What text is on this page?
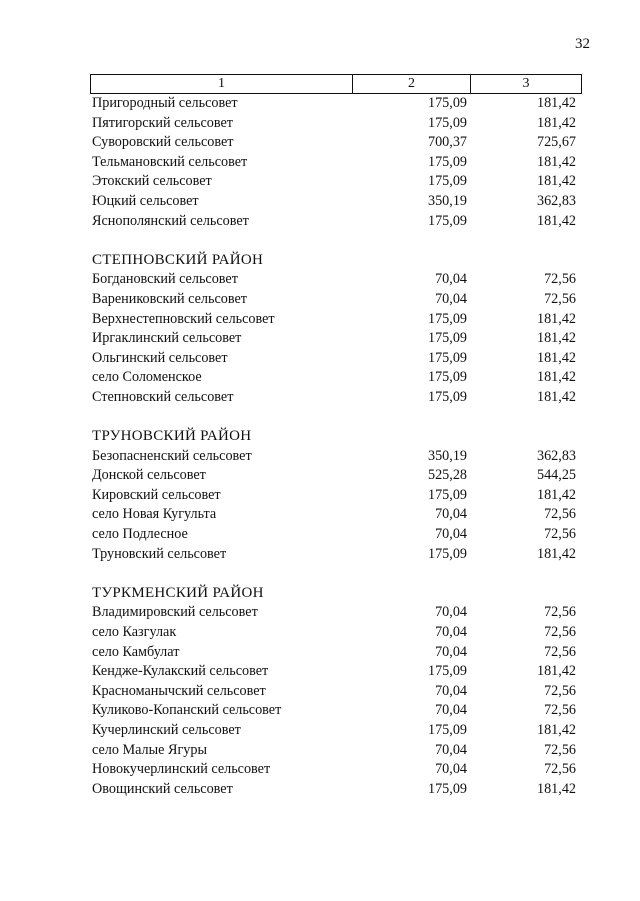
32
1	2	3
Пригородный сельсовет	175,09	181,42
Пятигорский сельсовет	175,09	181,42
Суворовский сельсовет	700,37	725,67
Тельмановский сельсовет	175,09	181,42
Этокский сельсовет	175,09	181,42
Юцкий сельсовет	350,19	362,83
Яснополянский сельсовет	175,09	181,42
СТЕПНОВСКИЙ РАЙОН
Богдановский сельсовет	70,04	72,56
Варениковский сельсовет	70,04	72,56
Верхнестепновский сельсовет	175,09	181,42
Иргаклинский сельсовет	175,09	181,42
Ольгинский сельсовет	175,09	181,42
село Соломенское	175,09	181,42
Степновский сельсовет	175,09	181,42
ТРУНОВСКИЙ РАЙОН
Безопасненский сельсовет	350,19	362,83
Донской сельсовет	525,28	544,25
Кировский сельсовет	175,09	181,42
село Новая Кугульта	70,04	72,56
село Подлесное	70,04	72,56
Труновский сельсовет	175,09	181,42
ТУРКМЕНСКИЙ РАЙОН
Владимировский сельсовет	70,04	72,56
село Казгулак	70,04	72,56
село Камбулат	70,04	72,56
Кендже-Кулакский сельсовет	175,09	181,42
Красноманычский сельсовет	70,04	72,56
Куликово-Копанский сельсовет	70,04	72,56
Кучерлинский сельсовет	175,09	181,42
село Малые Ягуры	70,04	72,56
Новокучерлинский сельсовет	70,04	72,56
Овощинский сельсовет	175,09	181,42
